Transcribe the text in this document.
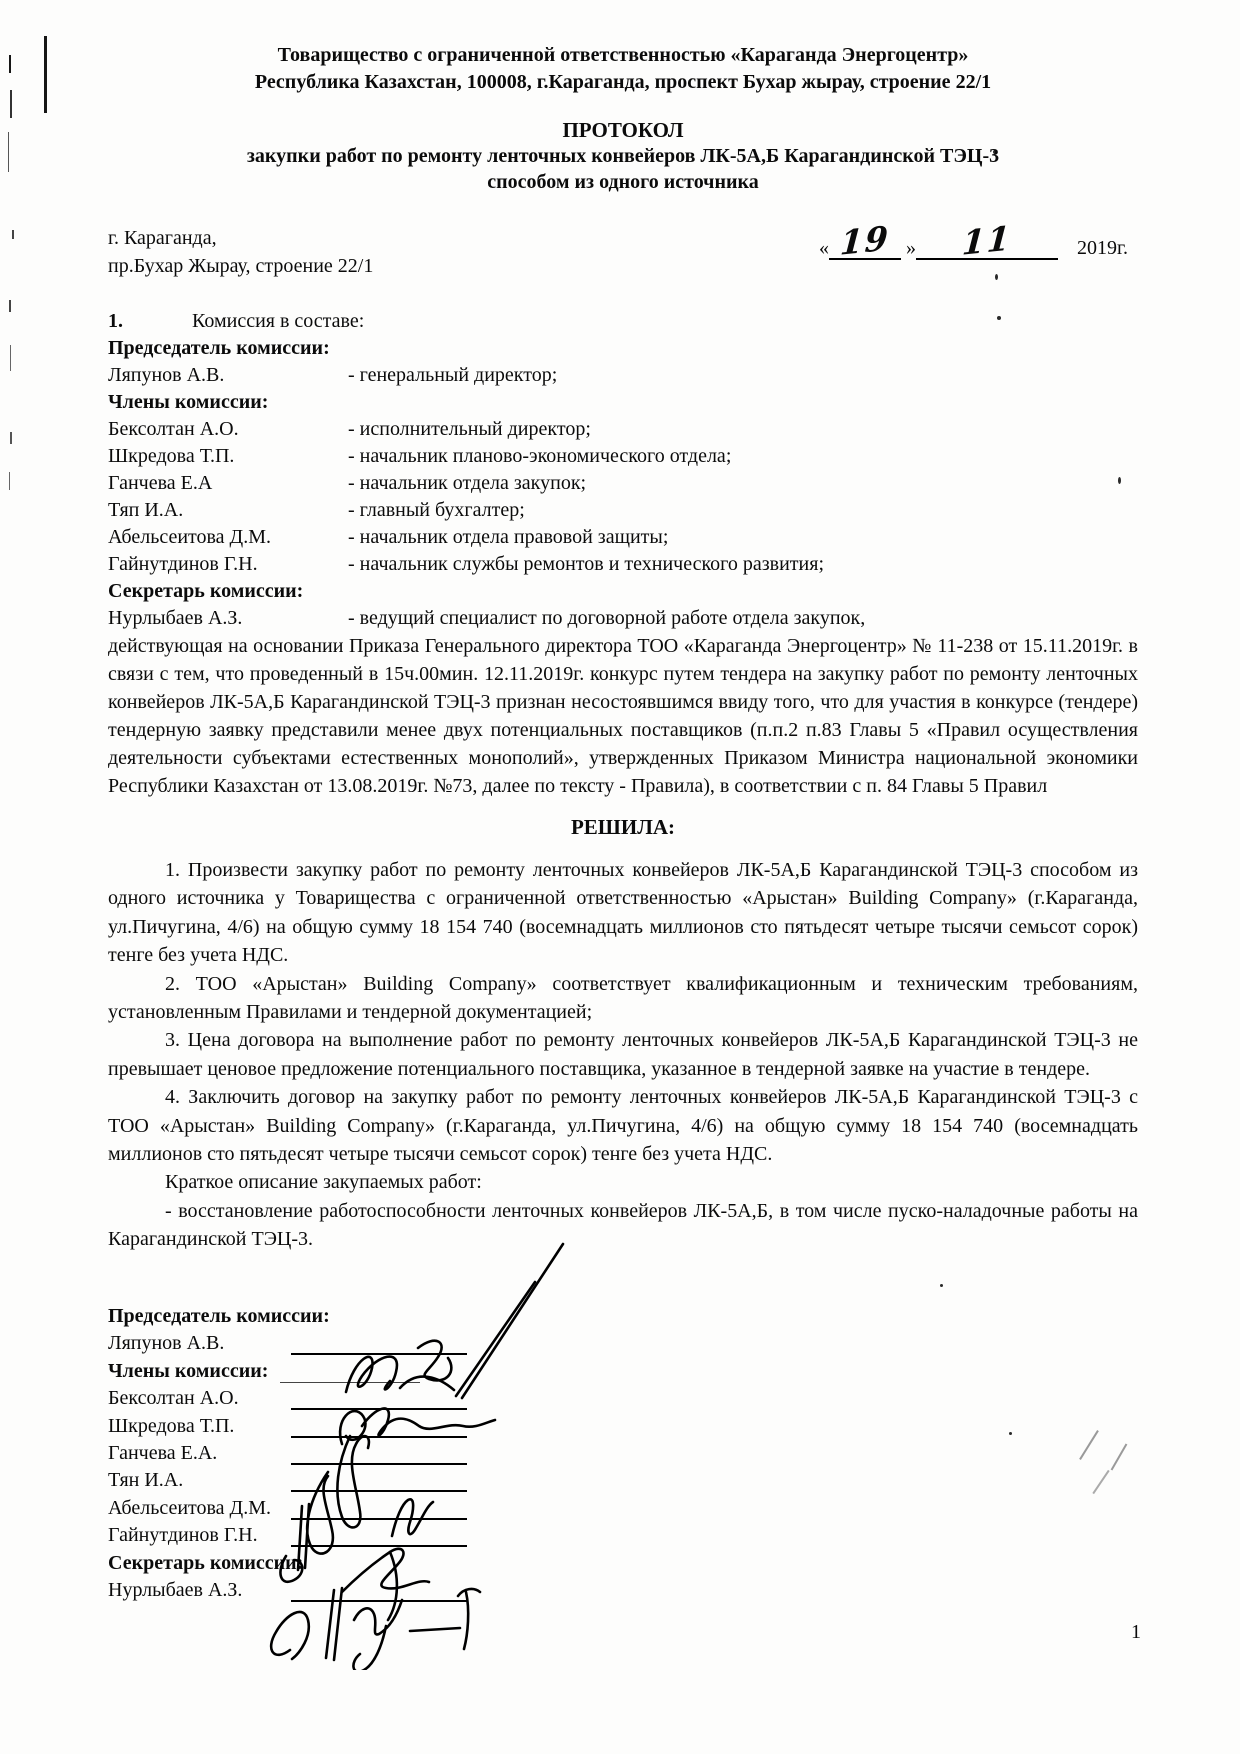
Товарищество с ограниченной ответственностью «Караганда Энергоцентр»
Республика Казахстан, 100008, г.Караганда, проспект Бухар жырау, строение 22/1
ПРОТОКОЛ
закупки работ по ремонту ленточных конвейеров ЛК-5А,Б Карагандинской ТЭЦ-3
способом из одного источника
г. Караганда,
пр.Бухар Жырау, строение 22/1
« 19 » 11	2019г.
1.	Комиссия в составе:
Председатель комиссии:
Ляпунов А.В.	- генеральный директор;
Члены комиссии:
Бексолтан А.О.	- исполнительный директор;
Шкредова Т.П.	- начальник планово-экономического отдела;
Ганчева Е.А	- начальник отдела закупок;
Тяп И.А.	- главный бухгалтер;
Абельсеитова Д.М.	- начальник отдела правовой защиты;
Гайнутдинов Г.Н.	- начальник службы ремонтов и технического развития;
Секретарь комиссии:
Нурлыбаев А.З.	- ведущий специалист по договорной работе отдела закупок,

действующая на основании Приказа Генерального директора ТОО «Караганда Энергоцентр» № 11-238 от 15.11.2019г. в связи с тем, что проведенный в 15ч.00мин. 12.11.2019г. конкурс путем тендера на закупку работ по ремонту ленточных конвейеров ЛК-5А,Б Карагандинской ТЭЦ-3 признан несостоявшимся ввиду того, что для участия в конкурсе (тендере) тендерную заявку представили менее двух потенциальных поставщиков (п.п.2 п.83 Главы 5 «Правил осуществления деятельности субъектами естественных монополий», утвержденных Приказом Министра национальной экономики Республики Казахстан от 13.08.2019г. №73, далее по тексту - Правила), в соответствии с п. 84 Главы 5 Правил

РЕШИЛА:

1. Произвести закупку работ по ремонту ленточных конвейеров ЛК-5А,Б Карагандинской ТЭЦ-3 способом из одного источника у Товарищества с ограниченной ответственностью «Арыстан» Building Company» (г.Караганда, ул.Пичугина, 4/6) на общую сумму 18 154 740 (восемнадцать миллионов сто пятьдесят четыре тысячи семьсот сорок) тенге без учета НДС.

2. ТОО «Арыстан» Building Company» соответствует квалификационным и техническим требованиям, установленным Правилами и тендерной документацией;

3. Цена договора на выполнение работ по ремонту ленточных конвейеров ЛК-5А,Б Карагандинской ТЭЦ-3 не превышает ценовое предложение потенциального поставщика, указанное в тендерной заявке на участие в тендере.

4. Заключить договор на закупку работ по ремонту ленточных конвейеров ЛК-5А,Б Карагандинской ТЭЦ-3 с ТОО «Арыстан» Building Company» (г.Караганда, ул.Пичугина, 4/6) на общую сумму 18 154 740 (восемнадцать миллионов сто пятьдесят четыре тысячи семьсот сорок) тенге без учета НДС.

Краткое описание закупаемых работ:

- восстановление работоспособности ленточных конвейеров ЛК-5А,Б, в том числе пуско-наладочные работы на Карагандинской ТЭЦ-3.

Председатель комиссии:
Ляпунов А.В.
Члены комиссии:
Бексолтан А.О.
Шкредова Т.П.
Ганчева Е.А.
Тян И.А.
Абельсеитова Д.М.
Гайнутдинов Г.Н.
Секретарь комиссии:
Нурлыбаев А.З.
1
